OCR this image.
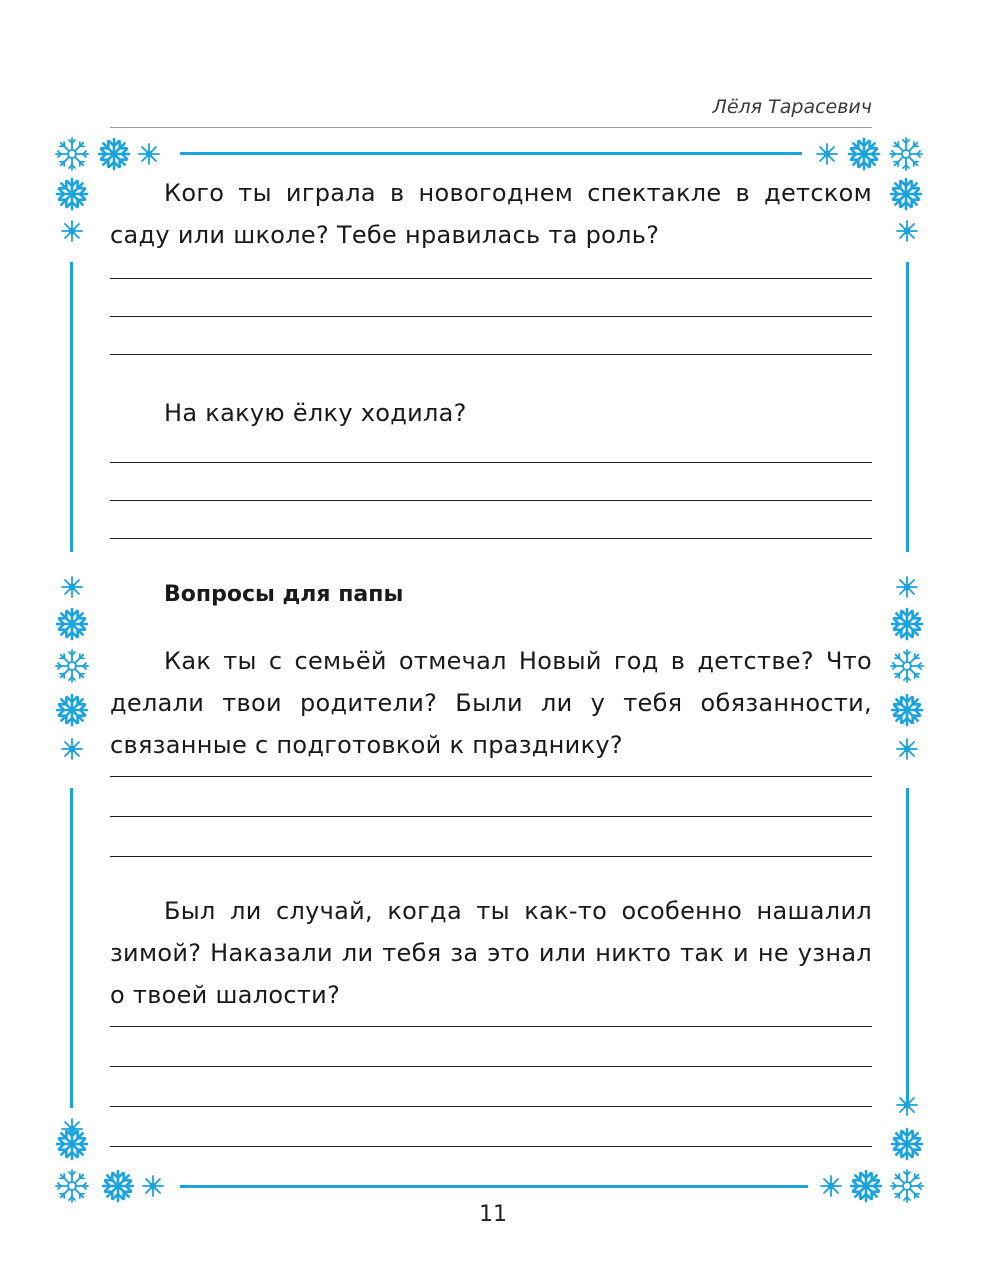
Лёля Тарасевич
Кого ты играла в новогоднем спектакле в детском саду или школе? Тебе нравилась та роль?
На какую ёлку ходила?
Вопросы для папы
Как ты с семьёй отмечал Новый год в детстве? Что делали твои родители? Были ли у тебя обязанности, связанные с подготовкой к празднику?
Был ли случай, когда ты как-то особенно нашалил зимой? Наказали ли тебя за это или никто так и не узнал о твоей шалости?
11
